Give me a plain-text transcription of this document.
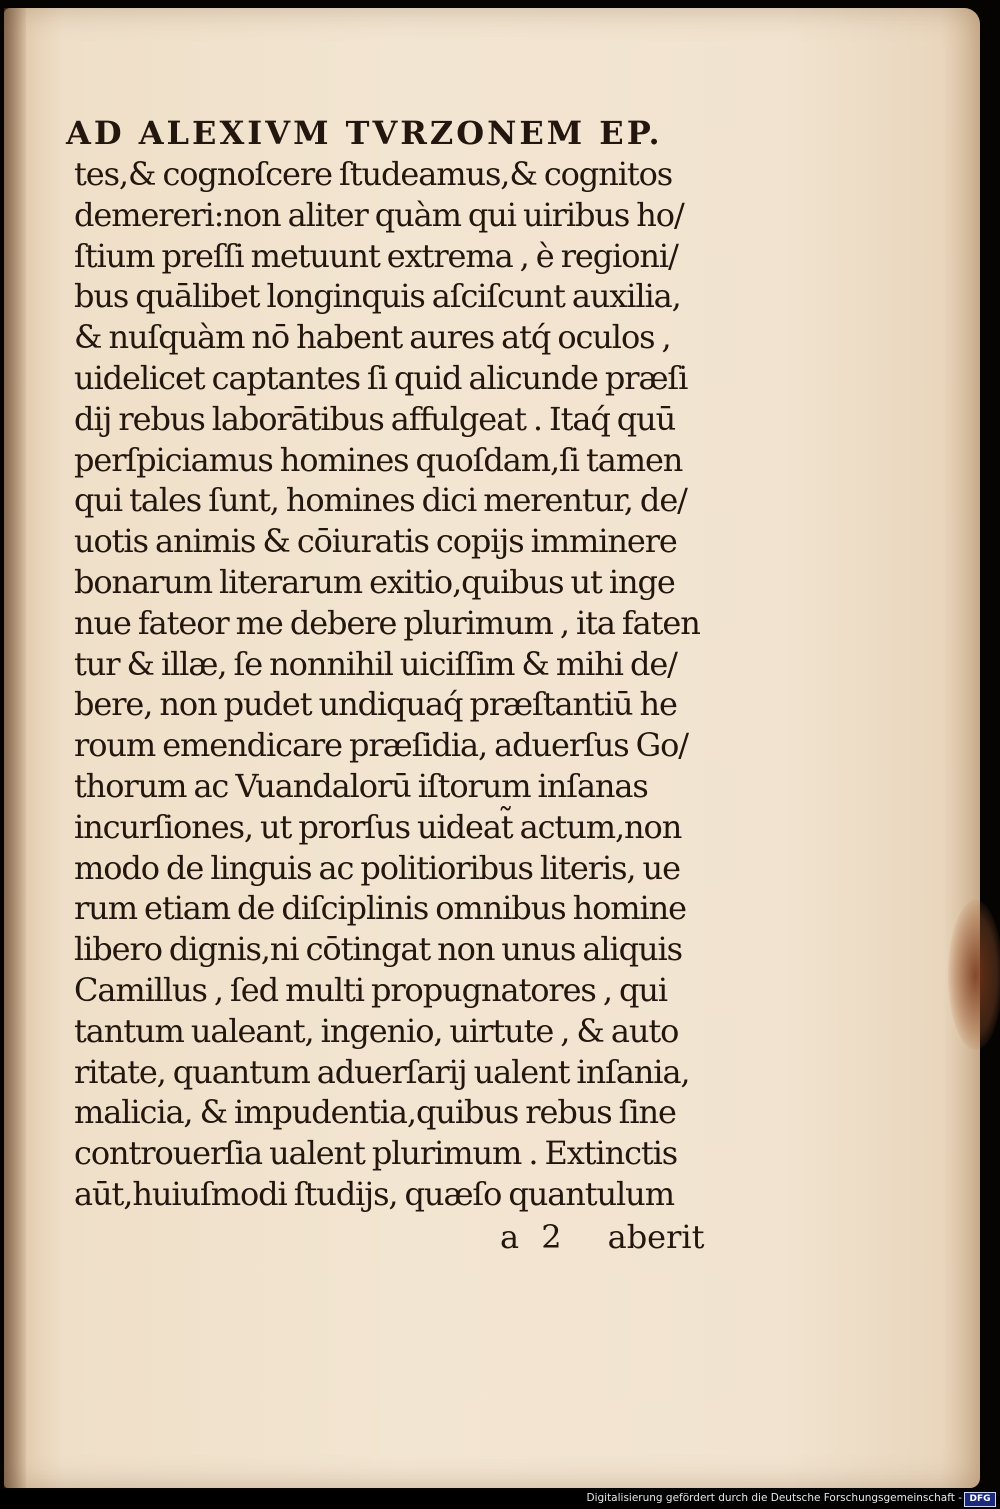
AD ALEXIVM TVRZONEM EP.
tes,& cognoſcere ſtudeamus,& cognitos
demereri:non aliter quàm qui uiribus ho/
ſtium preſſi metuunt extrema , è regioni/
bus quālibet longinquis aſciſcunt auxilia,
& nuſquàm nō habent aures atq́ oculos ,
uidelicet captantes ſi quid alicunde præſi
dij rebus laborātibus affulgeat . Itaq́ quū
perſpiciamus homines quoſdam,ſi tamen
qui tales ſunt, homines dici merentur, de/
uotis animis & cōiuratis copijs imminere
bonarum literarum exitio,quibus ut inge
nue fateor me debere plurimum , ita faten
tur & illæ, ſe nonnihil uiciſſim & mihi de/
bere, non pudet undiquaq́ præſtantiū he
roum emendicare præſidia, aduerſus Go/
thorum ac Vuandalorū iſtorum inſanas
incurſiones, ut prorſus uideat̃ actum,non
modo de linguis ac politioribus literis, ue
rum etiam de diſciplinis omnibus homine
libero dignis,ni cōtingat non unus aliquis
Camillus , ſed multi propugnatores , qui
tantum ualeant, ingenio, uirtute , & auto
ritate, quantum aduerſarij ualent inſania,
malicia, & impudentia,quibus rebus ſine
controuerſia ualent plurimum . Extinctis
aūt,huiuſmodi ſtudijs, quæſo quantulum
a 2 aberit
Digitalisierung gefördert durch die Deutsche Forschungsgemeinschaft - DFG
